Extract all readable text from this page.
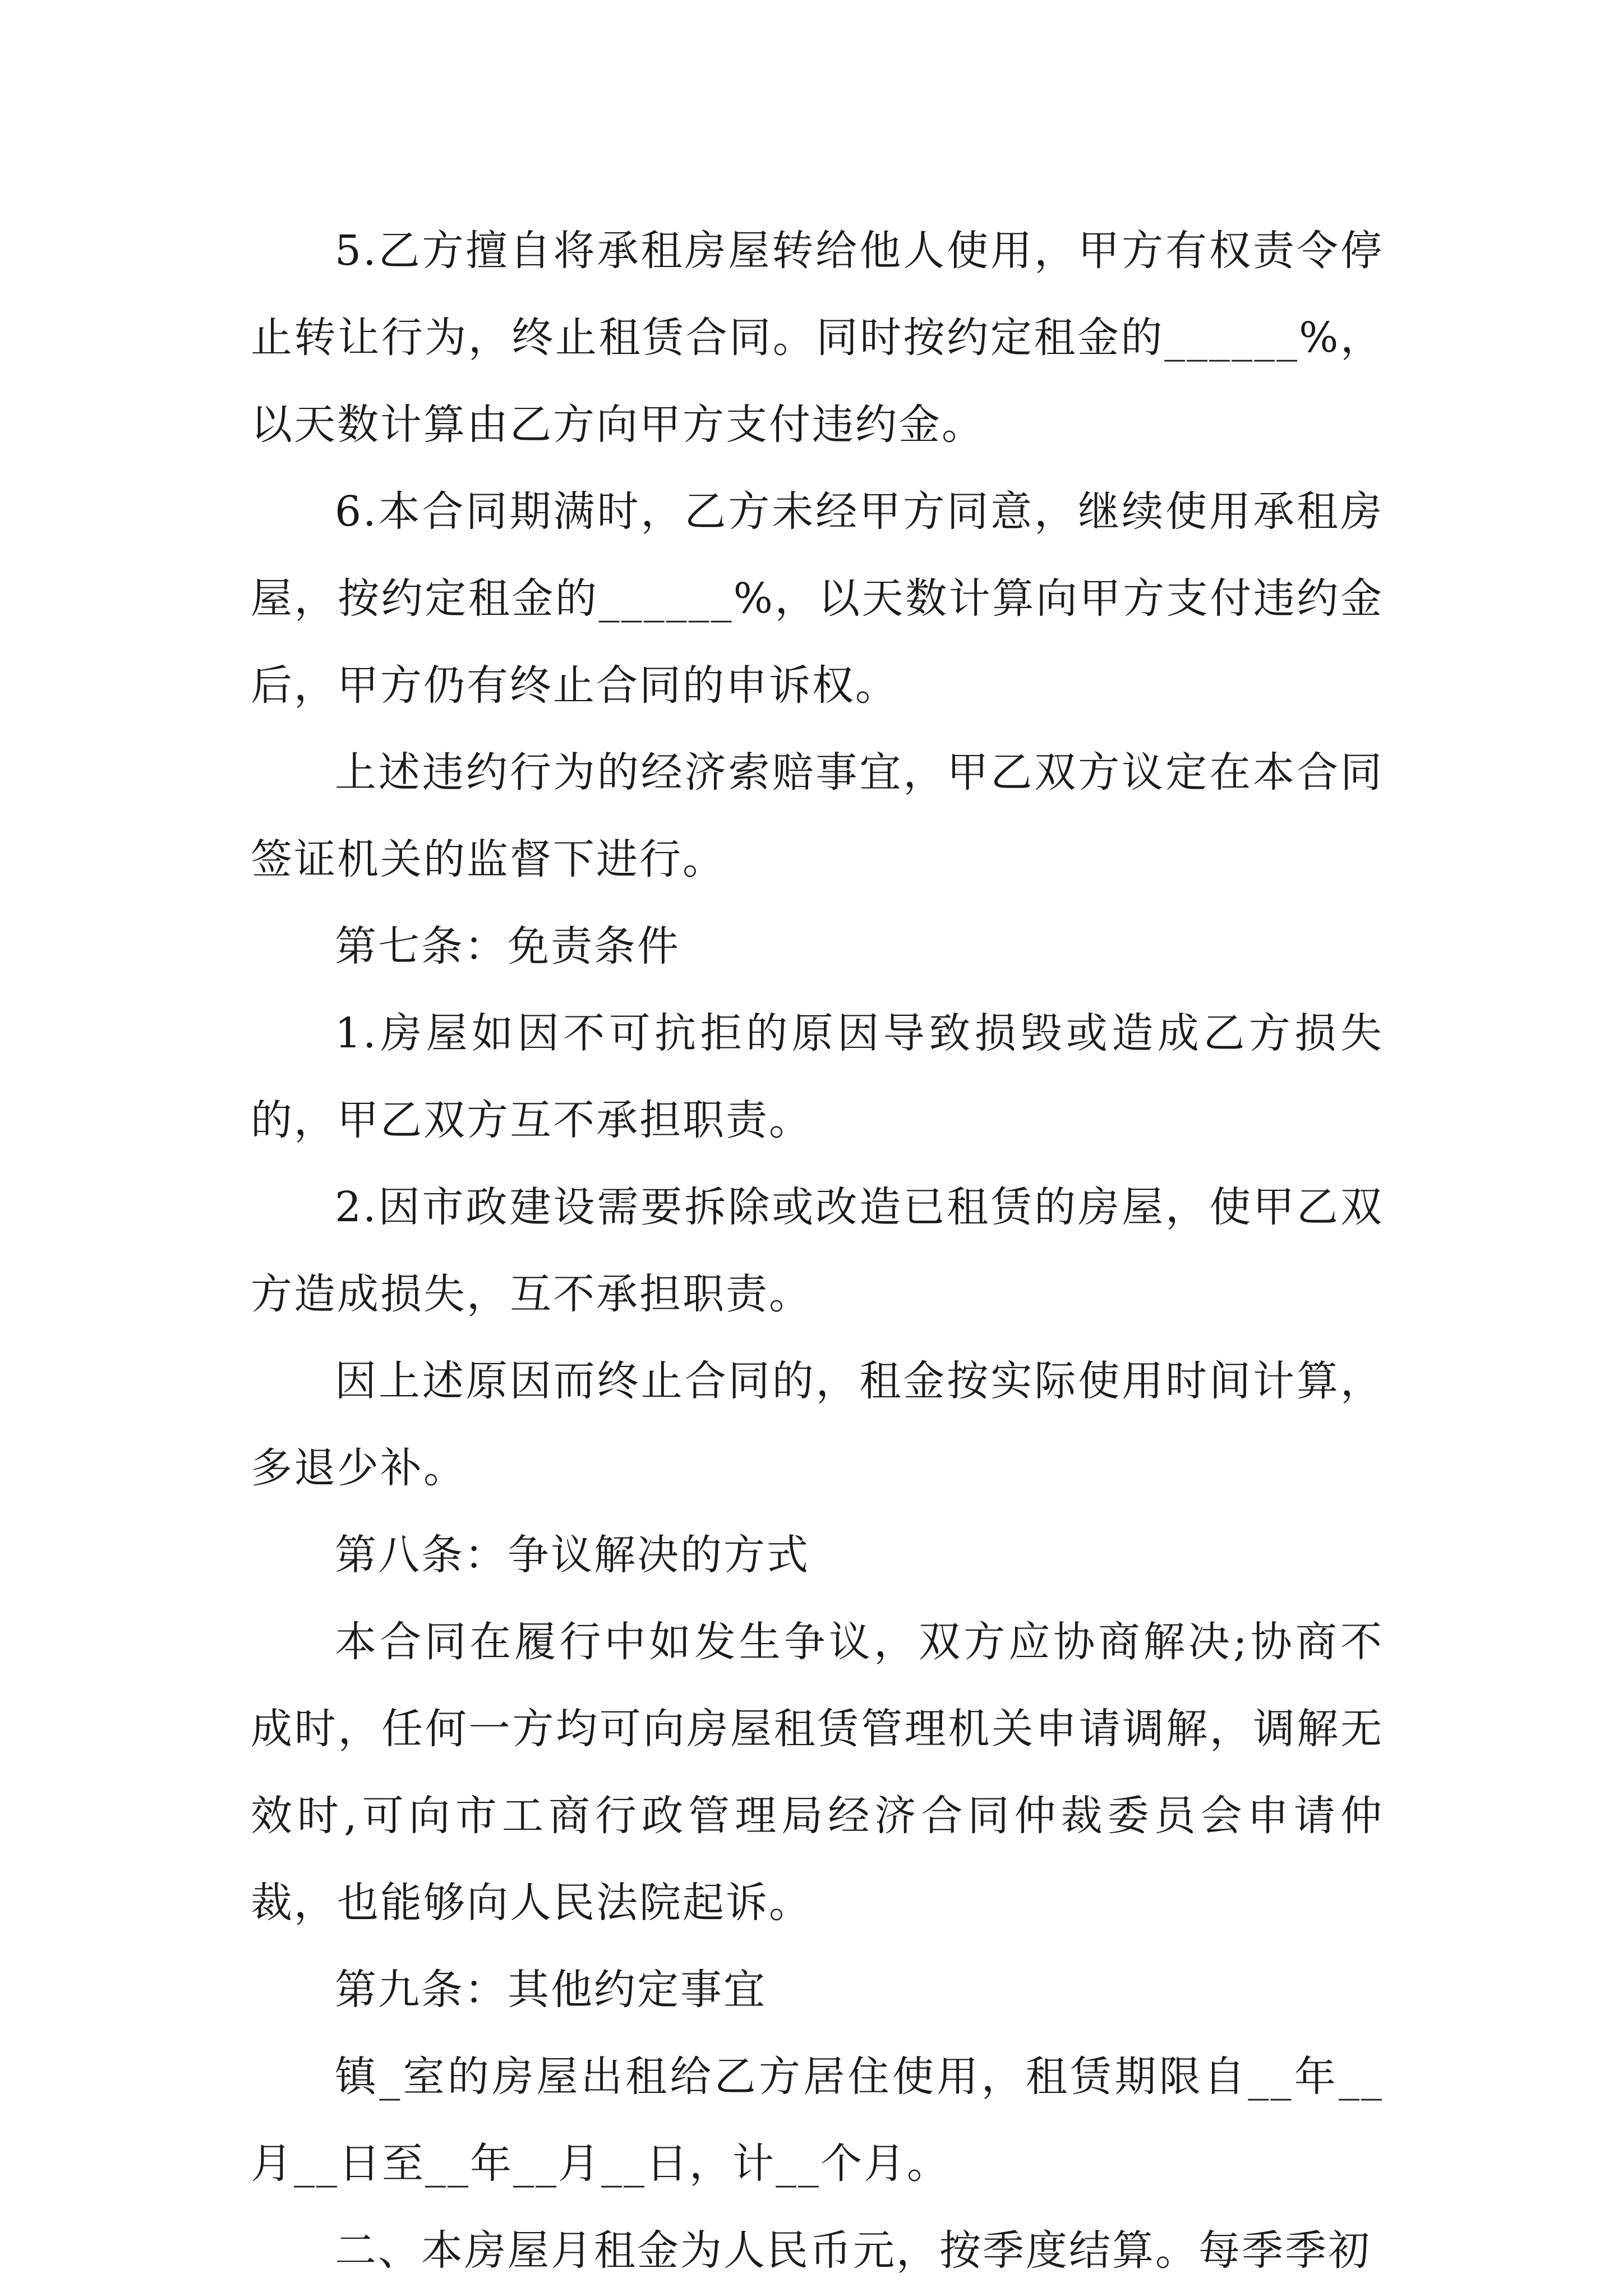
5.乙方擅自将承租房屋转给他人使用，甲方有权责令停止转让行为，终止租赁合同。同时按约定租金的______%，以天数计算由乙方向甲方支付违约金。

6.本合同期满时，乙方未经甲方同意，继续使用承租房屋，按约定租金的______%，以天数计算向甲方支付违约金后，甲方仍有终止合同的申诉权。

上述违约行为的经济索赔事宜，甲乙双方议定在本合同签证机关的监督下进行。

第七条：免责条件

1.房屋如因不可抗拒的原因导致损毁或造成乙方损失的，甲乙双方互不承担职责。

2.因市政建设需要拆除或改造已租赁的房屋，使甲乙双方造成损失，互不承担职责。

因上述原因而终止合同的，租金按实际使用时间计算，多退少补。

第八条：争议解决的方式

本合同在履行中如发生争议，双方应协商解决;协商不成时，任何一方均可向房屋租赁管理机关申请调解，调解无效时,可向市工商行政管理局经济合同仲裁委员会申请仲裁，也能够向人民法院起诉。

第九条：其他约定事宜

镇_室的房屋出租给乙方居住使用，租赁期限自__年__月__日至__年__月__日，计__个月。

二、本房屋月租金为人民币元，按季度结算。每季季初
